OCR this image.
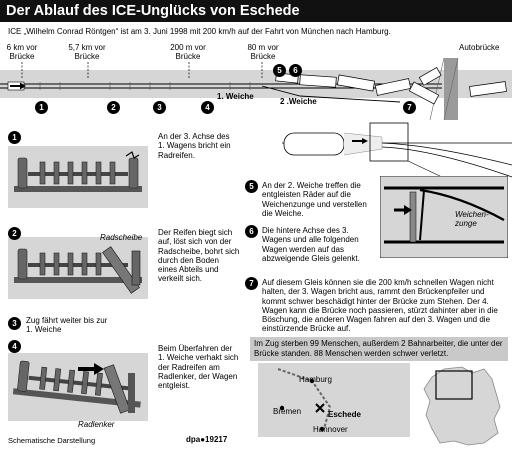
Der Ablauf des ICE-Unglücks von Eschede
ICE „Wilhelm Conrad Röntgen“ ist am 3. Juni 1998 mit 200 km/h auf der Fahrt von München nach Hamburg.
6 km vor
Brücke
5,7 km vor
Brücke
200 m vor
Brücke
80 m vor
Brücke
Autobrücke
1	2	3	4
5	6
7
1. Weiche
2 .Weiche
1	An der 3. Achse des 1. Wagens bricht ein Radreifen.
2	Radscheibe
Der Reifen biegt sich auf, löst sich von der Radscheibe, bohrt sich durch den Boden eines Abteils und verkeilt sich.
3	Zug fährt weiter bis zur 1. Weiche
4
Radlenker
Beim Überfahren der 1. Weiche verhakt sich der Radreifen am Radlenker, der Wagen entgleist.
Weichen-
zunge
5	An der 2. Weiche treffen die entgleisten Räder auf die Weichenzunge und verstellen die Weiche.
6	Die hintere Achse des 3. Wagens und alle folgenden Wagen werden auf das abzweigende Gleis gelenkt.
7	Auf diesem Gleis können sie die 200 km/h schnellen Wagen nicht halten, der 3. Wagen bricht aus, rammt den Brückenpfeiler und kommt schwer beschädigt hinter der Brücke zum Stehen. Der 4. Wagen kann die Brücke noch passieren, stürzt dahinter aber in die Böschung, die anderen Wagen fahren auf den 3. Wagen und die einstürzende Brücke auf.
Im Zug sterben 99 Menschen, außerdem 2 Bahnarbeiter, die unter der Brücke standen. 88 Menschen werden schwer verletzt.
Hamburg
Bremen	Eschede
Hannover
Schematische Darstellung	dpa●19217
